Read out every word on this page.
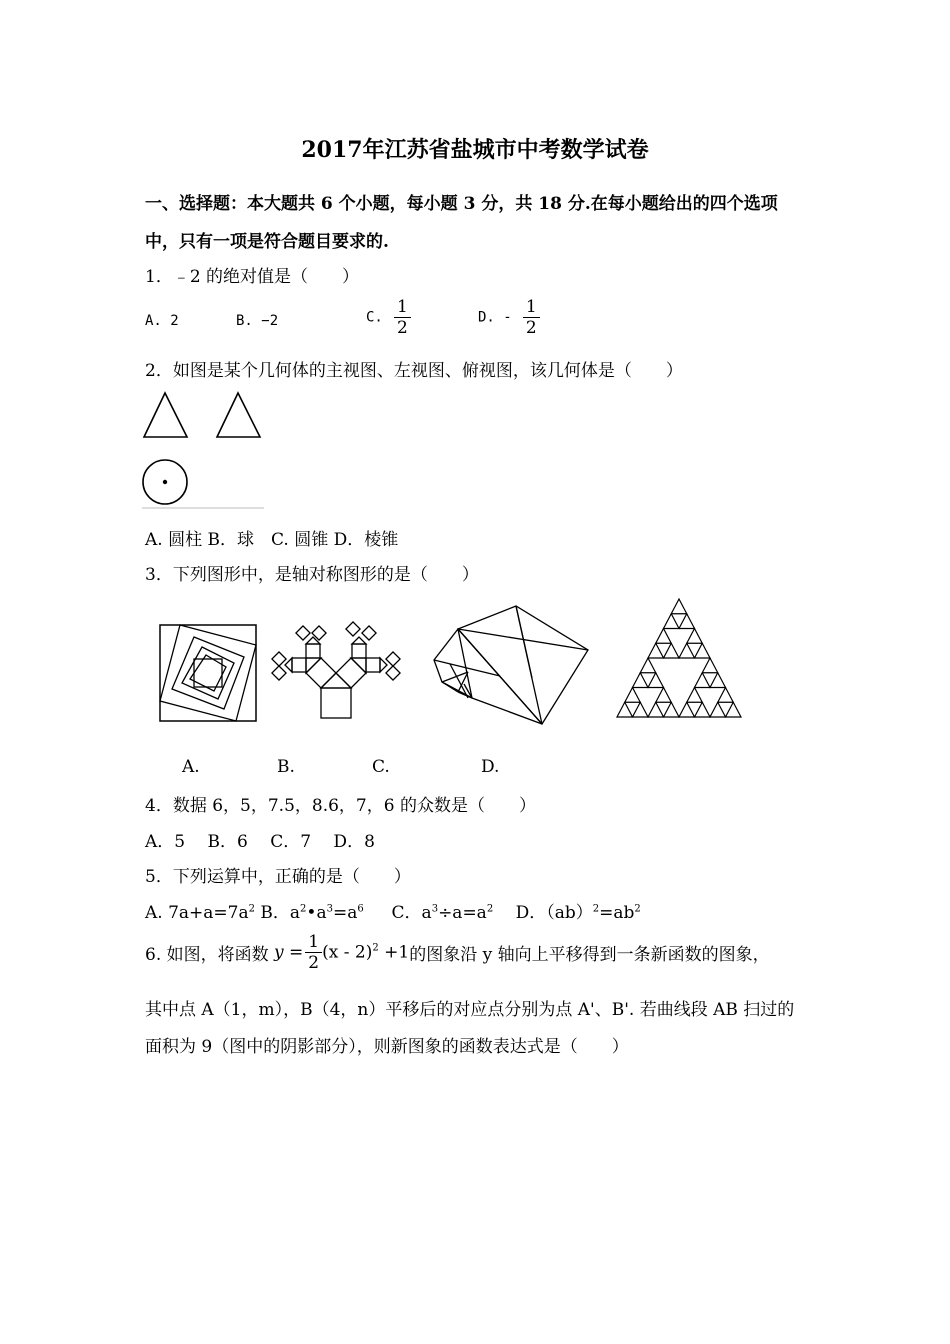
2017年江苏省盐城市中考数学试卷
一、选择题：本大题共 6 个小题，每小题 3 分，共 18 分.在每小题给出的四个选项
中，只有一项是符合题目要求的.
1．﹣2 的绝对值是（　　）
A. 2	B. −2	C. $\frac{1}{2}$	D. - $\frac{1}{2}$
2．如图是某个几何体的主视图、左视图、俯视图，该几何体是（　　）
A. 圆柱 B．球　C. 圆锥 D．棱锥
3．下列图形中，是轴对称图形的是（　　）
A.	B.	C.	D.
4．数据 6，5，7.5，8.6，7，6 的众数是（　　）
A．5　 B．6　 C．7　 D．8
5．下列运算中，正确的是（　　）
A. $7a+a=7a^2$ B．$a^2•a^3=a^6$ 　 C．$a^3\div a=a^2$ 　D．$(ab)^2=ab^2$
6. 如图，将函数 $y = \frac{1}{2} (x - 2)^2 +1$的图象沿 y 轴向上平移得到一条新函数的图象，
其中点 A（1，m），B（4，n）平移后的对应点分别为点 A'、B'. 若曲线段 AB 扫过的
面积为 9（图中的阴影部分），则新图象的函数表达式是（　　）
